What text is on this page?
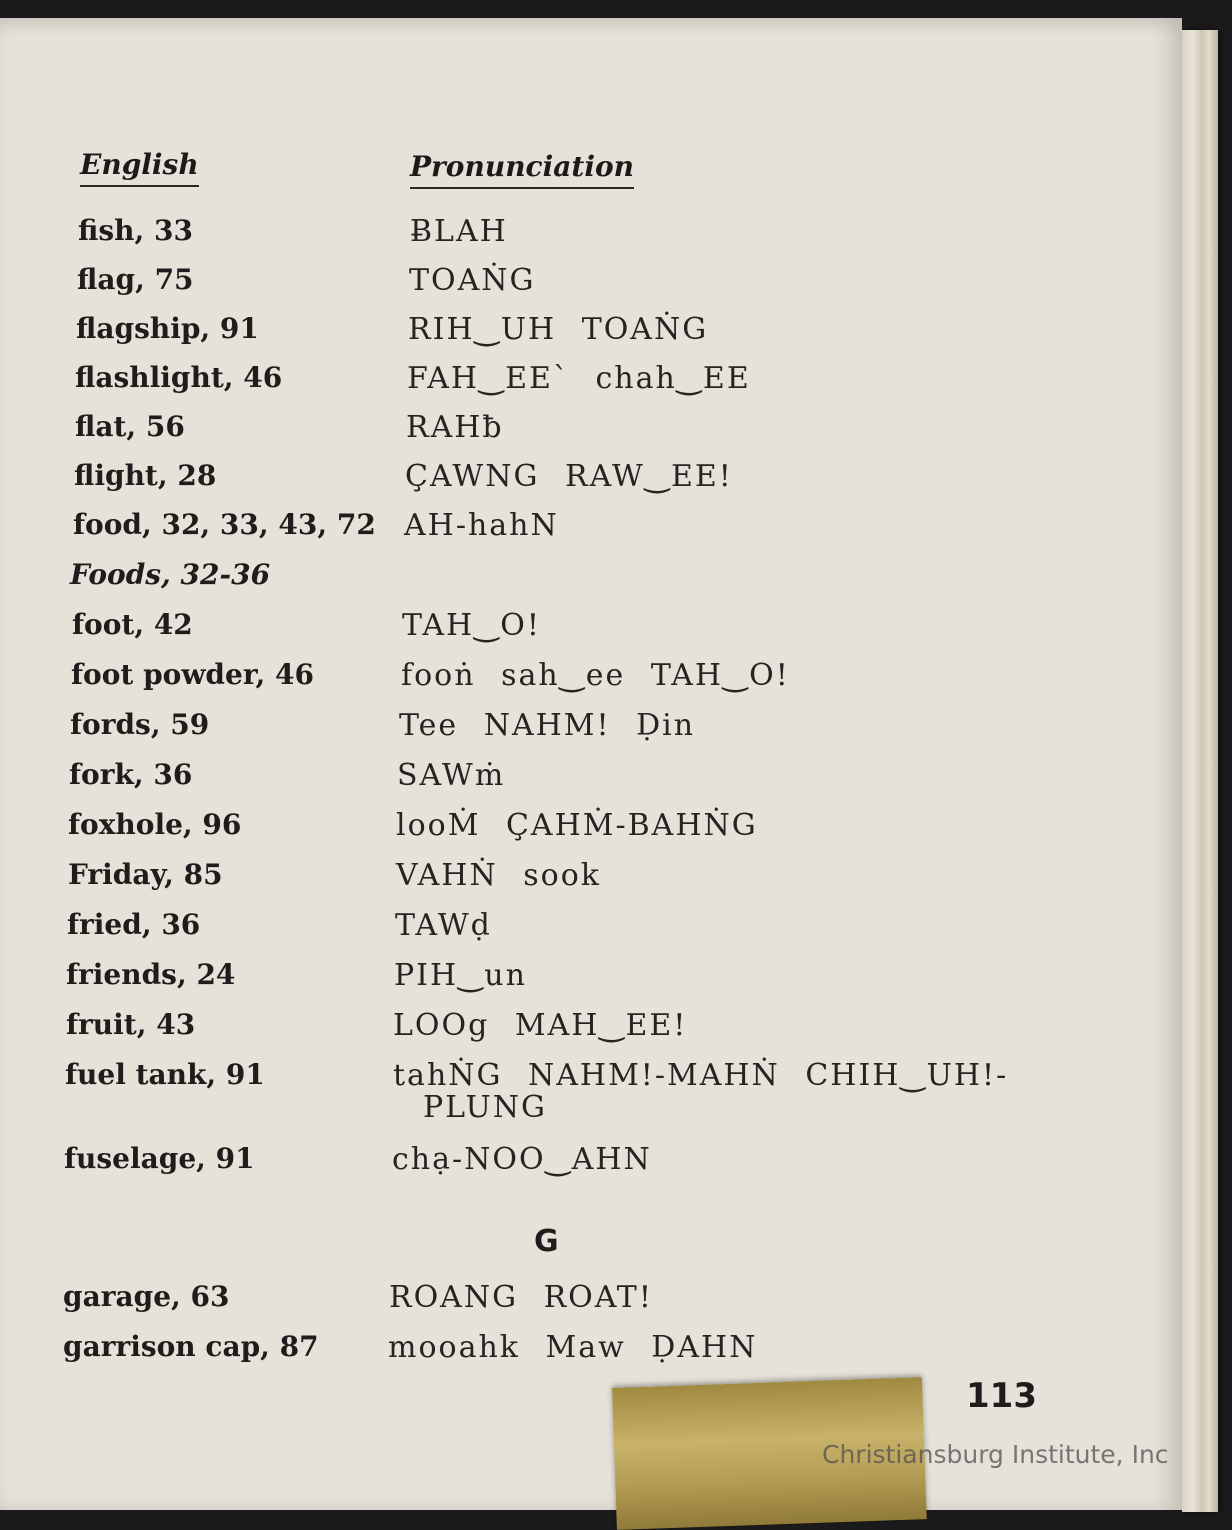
English	Pronunciation
fish, 33	ɃLAH
flag, 75	TOAṄG
flagship, 91	RIH‿UH TOAṄG
flashlight, 46	FAH‿EE` chah‿EE
flat, 56	RAHƀ
flight, 28	ÇAWNG RAW‿EE!
food, 32, 33, 43, 72 AH-hahN
Foods, 32-36
foot, 42	TAH‿O!
foot powder, 46	fooṅ sah‿ee TAH‿O!
fords, 59	Tee NAHM! Ḍin
fork, 36	SAWṁ
foxhole, 96	looṀ ÇAHṀ-BAHṄG
Friday, 85	VAHṄ sook
fried, 36	TAWḍ
friends, 24	PIH‿un
fruit, 43	LOOg MAH‿EE!
fuel tank, 91	tahṄG NAHM!-MAHṄ CHIH‿UH!-
PLUNG
fuselage, 91	chạ-NOO‿AHN
G
garage, 63	ROANG ROAT!
garrison cap, 87 mooahk Maw ḌAHN
113
Christiansburg Institute, Inc
